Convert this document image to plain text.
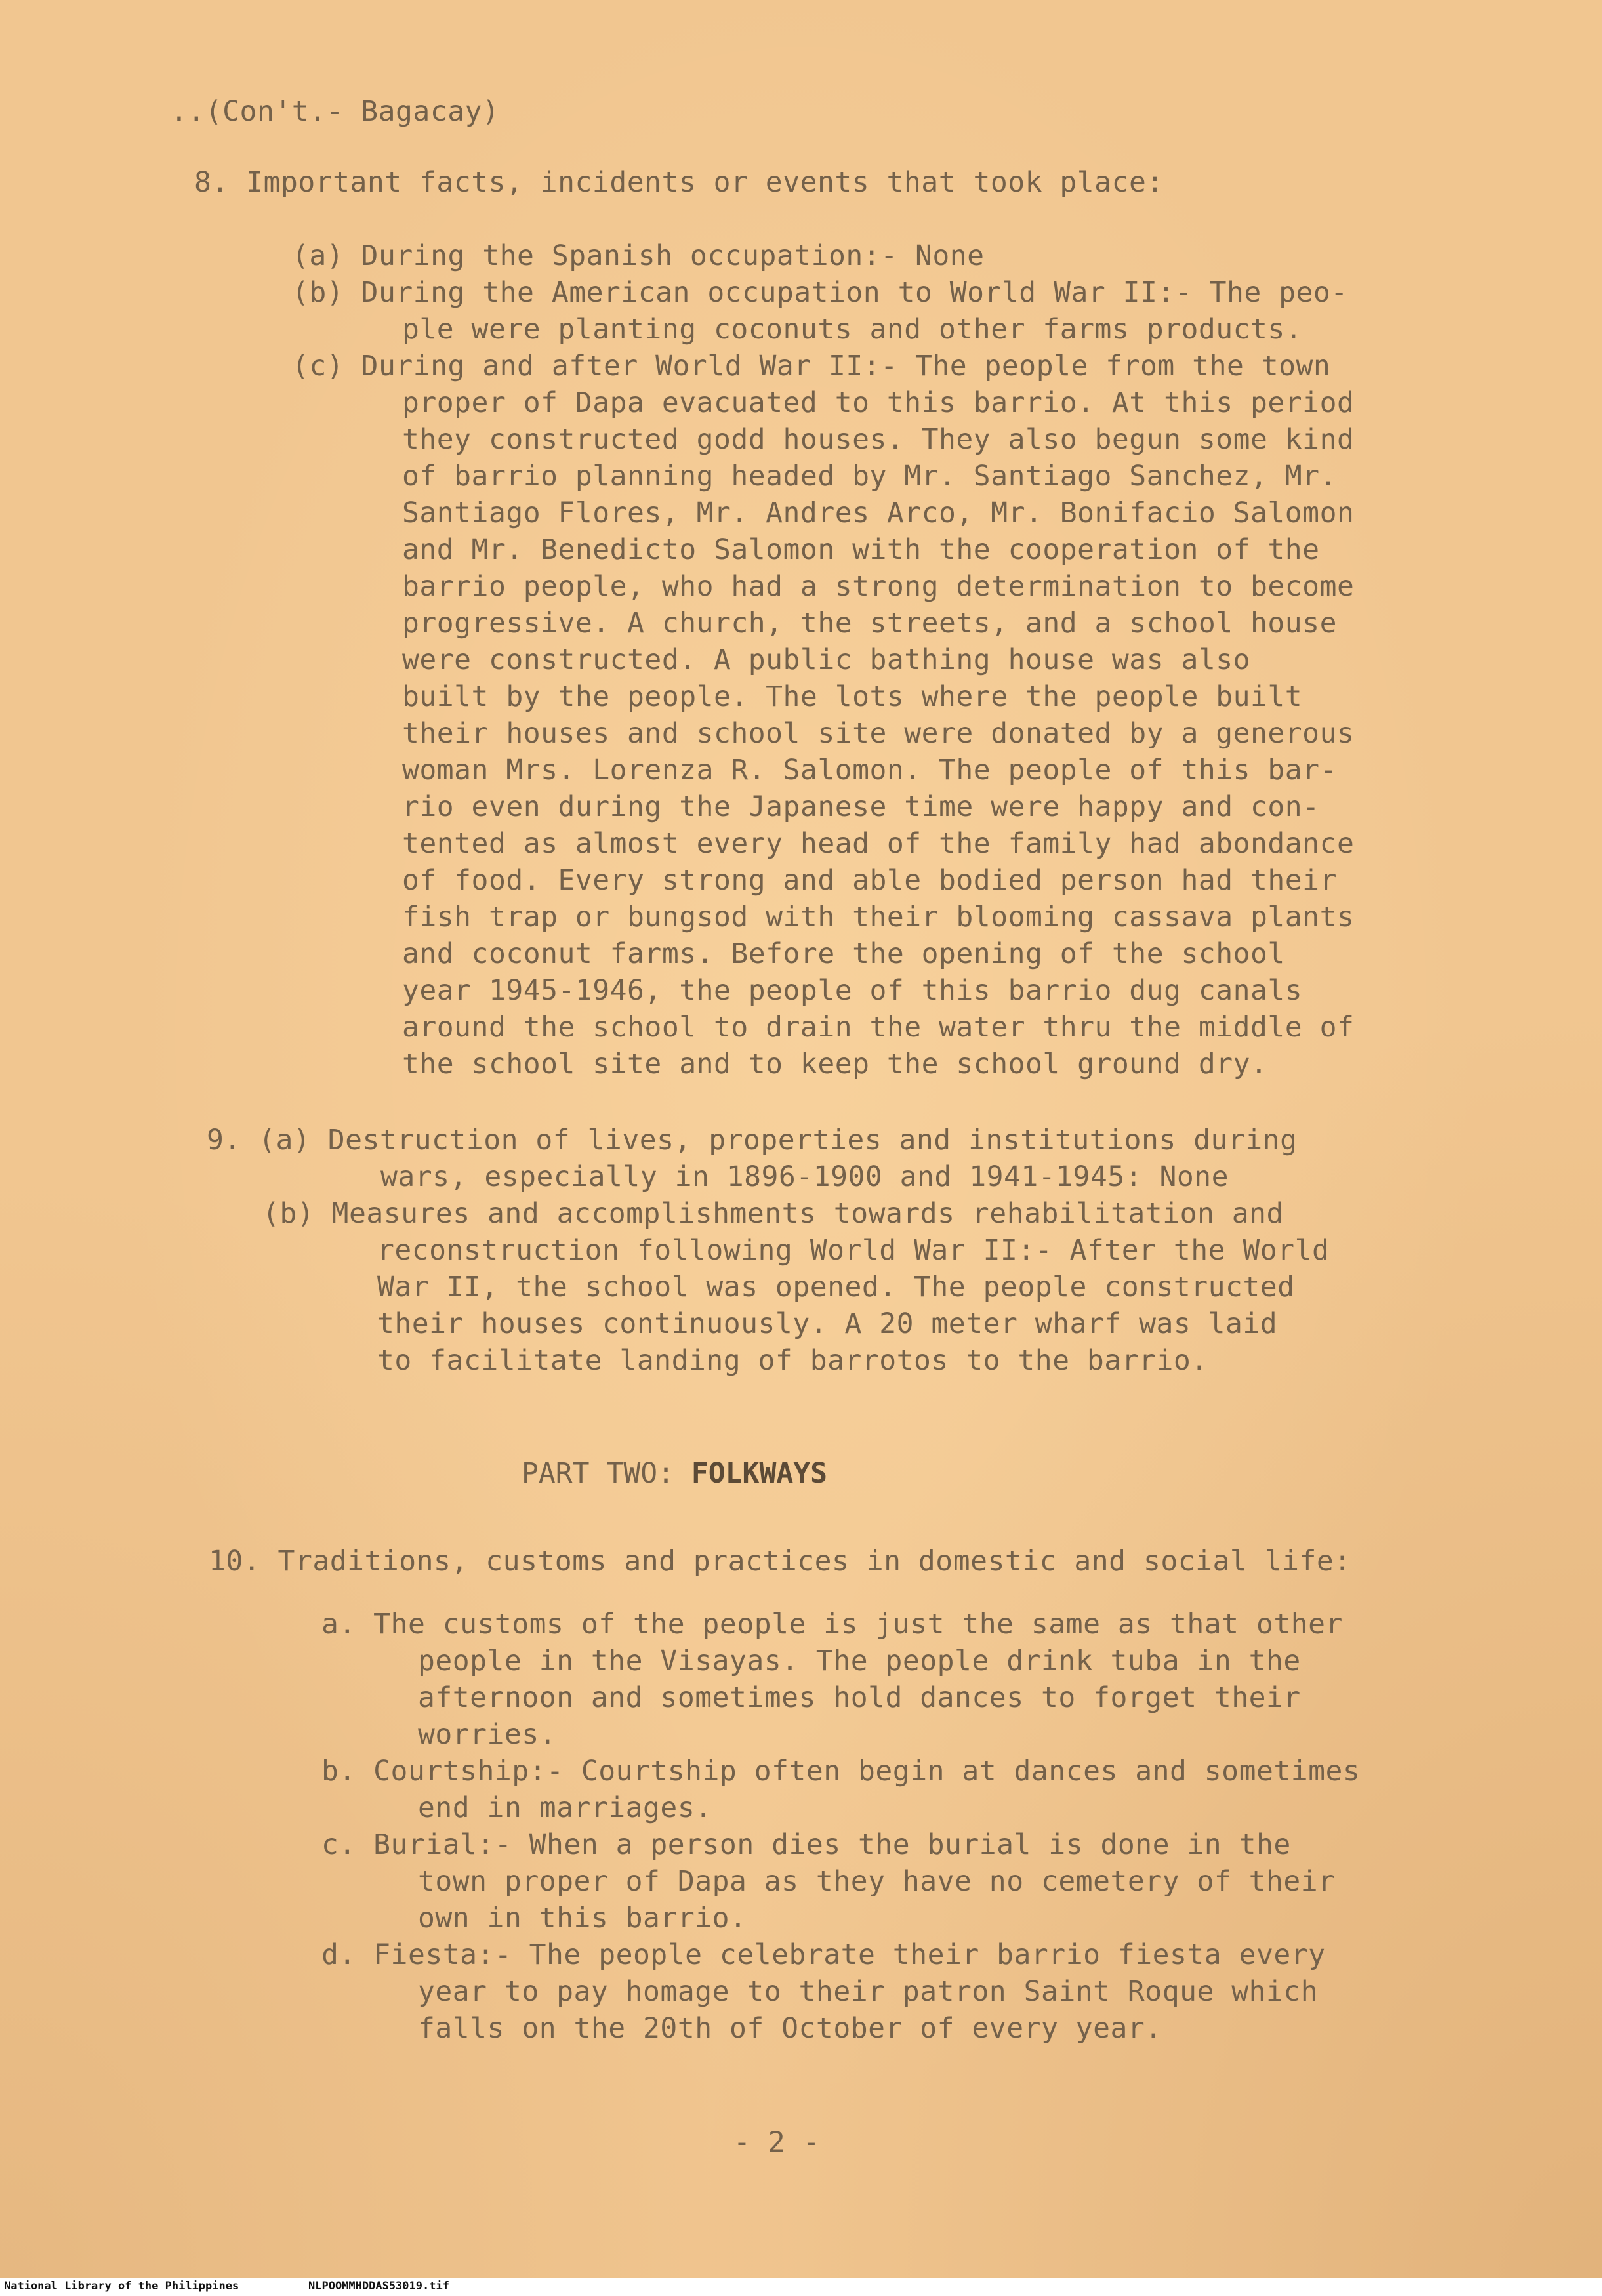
..(Con't.- Bagacay)
8. Important facts, incidents or events that took place:
(a) During the Spanish occupation:- None
(b) During the American occupation to World War II:- The peo-
ple were planting coconuts and other farms products.
(c) During and after World War II:- The people from the town
proper of Dapa evacuated to this barrio. At this period
they constructed godd houses. They also begun some kind
of barrio planning headed by Mr. Santiago Sanchez, Mr.
Santiago Flores, Mr. Andres Arco, Mr. Bonifacio Salomon
and Mr. Benedicto Salomon with the cooperation of the
barrio people, who had a strong determination to become
progressive. A church, the streets, and a school house
were constructed. A public bathing house was also
built by the people. The lots where the people built
their houses and school site were donated by a generous
woman Mrs. Lorenza R. Salomon. The people of this bar-
rio even during the Japanese time were happy and con-
tented as almost every head of the family had abondance
of food. Every strong and able bodied person had their
fish trap or bungsod with their blooming cassava plants
and coconut farms. Before the opening of the school
year 1945-1946, the people of this barrio dug canals
around the school to drain the water thru the middle of
the school site and to keep the school ground dry.
9. (a) Destruction of lives, properties and institutions during
wars, especially in 1896-1900 and 1941-1945: None
(b) Measures and accomplishments towards rehabilitation and
reconstruction following World War II:- After the World
War II, the school was opened. The people constructed
their houses continuously. A 20 meter wharf was laid
to facilitate landing of barrotos to the barrio.
PART TWO: FOLKWAYS
10. Traditions, customs and practices in domestic and social life:
a. The customs of the people is just the same as that other
people in the Visayas. The people drink tuba in the
afternoon and sometimes hold dances to forget their
worries.
b. Courtship:- Courtship often begin at dances and sometimes
end in marriages.
c. Burial:- When a person dies the burial is done in the
town proper of Dapa as they have no cemetery of their
own in this barrio.
d. Fiesta:- The people celebrate their barrio fiesta every
year to pay homage to their patron Saint Roque which
falls on the 20th of October of every year.
- 2 -
National Library of the Philippines	NLPOOMMHDDAS53019.tif
